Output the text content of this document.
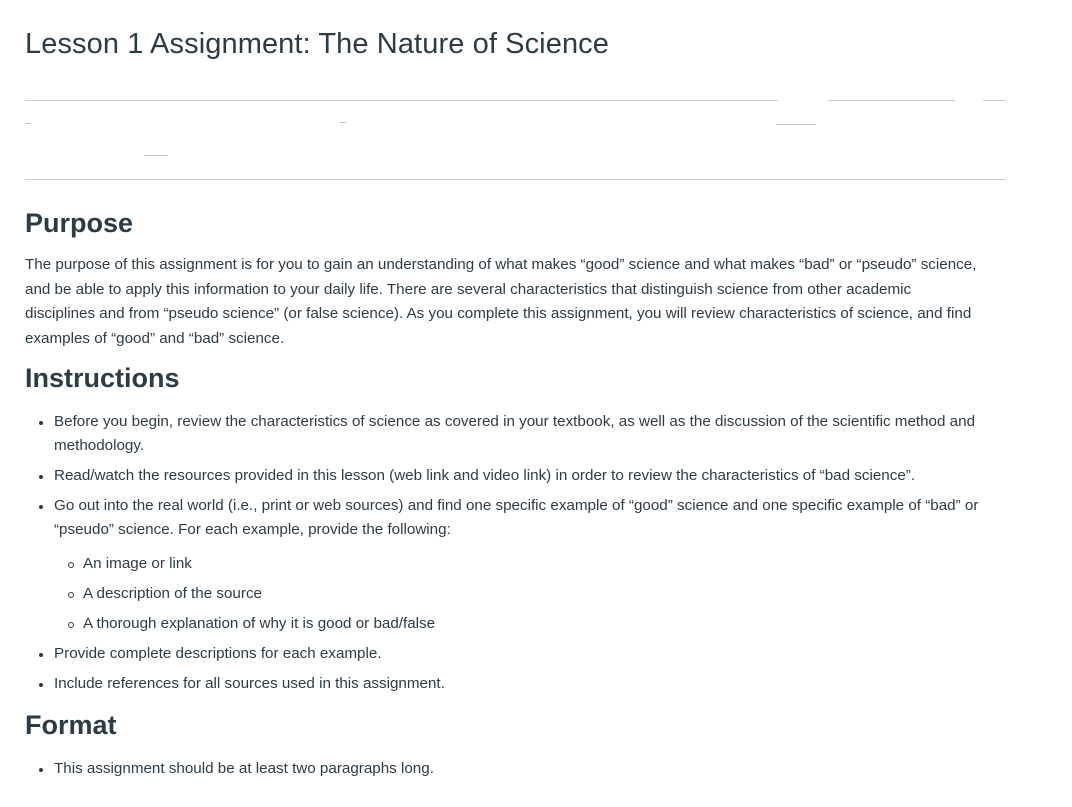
Lesson 1 Assignment: The Nature of Science
Purpose

The purpose of this assignment is for you to gain an understanding of what makes “good” science and what makes “bad” or “pseudo” science, and be able to apply this information to your daily life. There are several characteristics that distinguish science from other academic disciplines and from “pseudo science” (or false science). As you complete this assignment, you will review characteristics of science, and find examples of “good” and “bad” science.

Instructions
Before you begin, review the characteristics of science as covered in your textbook, as well as the discussion of the scientific method and methodology.
Read/watch the resources provided in this lesson (web link and video link) in order to review the characteristics of “bad science”.
Go out into the real world (i.e., print or web sources) and find one specific example of “good” science and one specific example of “bad” or “pseudo” science. For each example, provide the following:
An image or link
A description of the source
A thorough explanation of why it is good or bad/false
Provide complete descriptions for each example.
Include references for all sources used in this assignment.
Format
This assignment should be at least two paragraphs long.
